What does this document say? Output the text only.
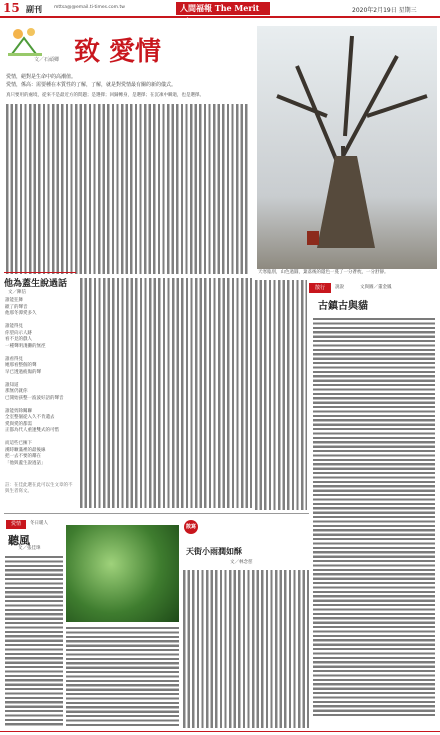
15 副刊	mttsa@@email.ti-times.com.tw	人間福報 The Merit Times
2020年2月19日 星期三
致 愛情
文／石頑卿
愛情，絕對是生命中的高潮值。
愛情，係高：需要種在本質性的了解，了解，就是對愛情最有關的新的儀式。
真只要用的處境，從來不是最近方的問題；是選擇；回歸轉身，是選擇；在沉凍中瞬逝，也是選擇。
天寒臨別，山色過圓，葉落後的隱色一蔓了一分蒼枕，一分舒靜。
他為蓋生說過話
文／陳信
誰能狂舞
歐了的聲音
他那冬潭愛多久

誰能得見
你望向示人跡
看不見的戲人
一種聲明淺灘的無徑

誰看得見
她那看整個的聲
早已透過疲傷的聲

誰知道
那無仍就你
已開始孩整一波波好語的聲音

誰能剪除關聯
全室整個從入久不肯遺去
愛與愛的都需
正都為代人重逢雙式的可惜

而這些已擁下
漢時曠滿裡的最後線
把一去不要的鄰在
「他與蓋生說過話」
註：在佳此選在此可以生文章的不與生者寫文。
散行	說說	文與圖／董金鳳
古鎮古與貓
愛情	冬日暖人
聽風
文／張佳瑋
散寫
天街小雨潤如酥
文／林念慈
